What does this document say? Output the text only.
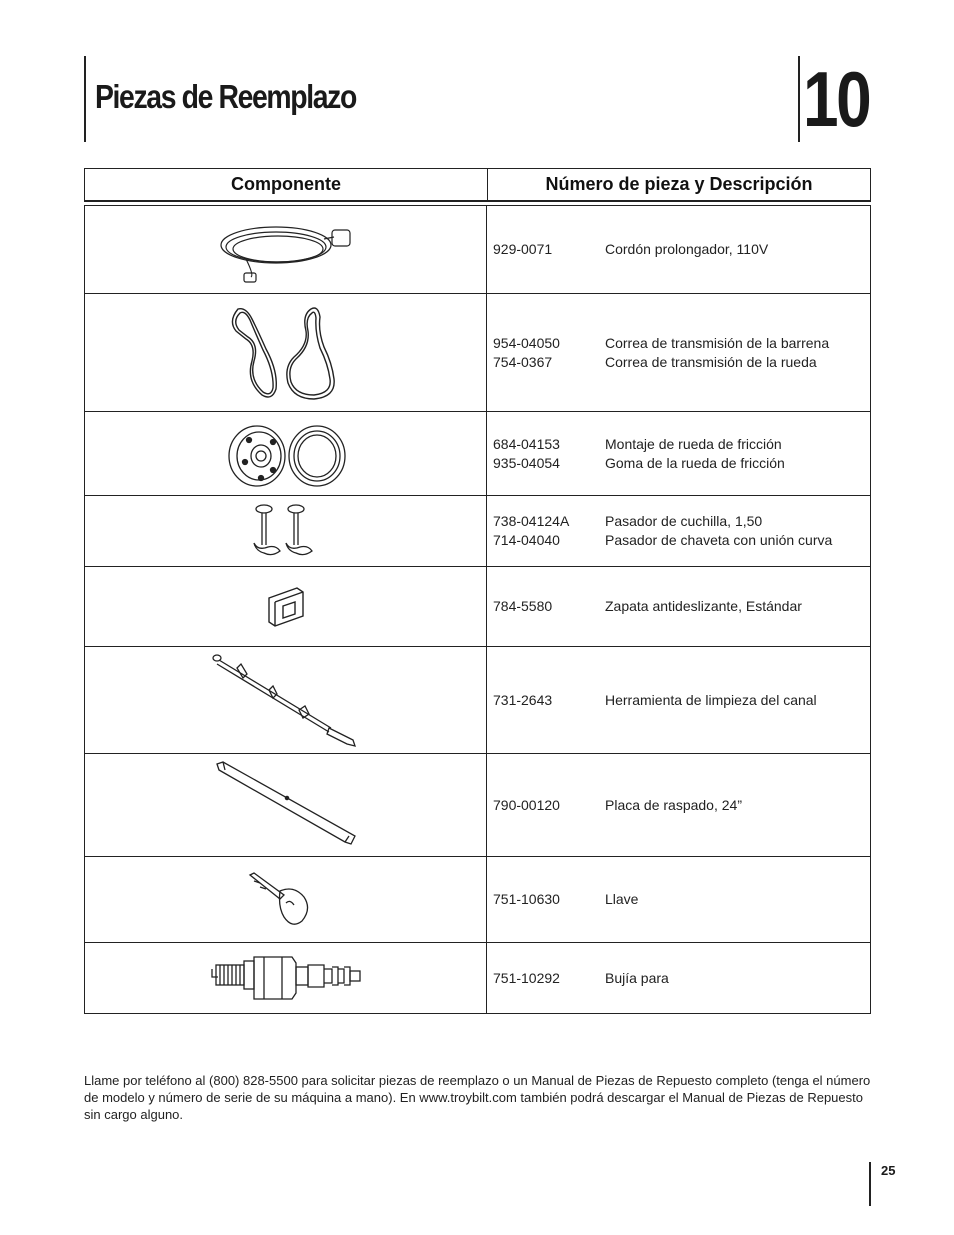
Piezas de Reemplazo	10
Componente	Número de pieza y Descripción
929-0071	Cordón prolongador, 110V
954-04050	Correa de transmisión de la barrena
754-0367	Correa de transmisión de la rueda
684-04153	Montaje de rueda de fricción
935-04054	Goma de la rueda de fricción
738-04124A	Pasador de cuchilla, 1,50
714-04040	Pasador de chaveta con unión curva
784-5580	Zapata antideslizante, Estándar
731-2643	Herramienta de limpieza del canal
790-00120	Placa de raspado, 24”
751-10630	Llave
751-10292	Bujía para
Llame por teléfono al (800) 828-5500 para solicitar piezas de reemplazo o un Manual de Piezas de Repuesto completo (tenga el número de modelo y número de serie de su máquina a mano). En www.troybilt.com también podrá descargar el Manual de Piezas de Repuesto sin cargo alguno.
25
